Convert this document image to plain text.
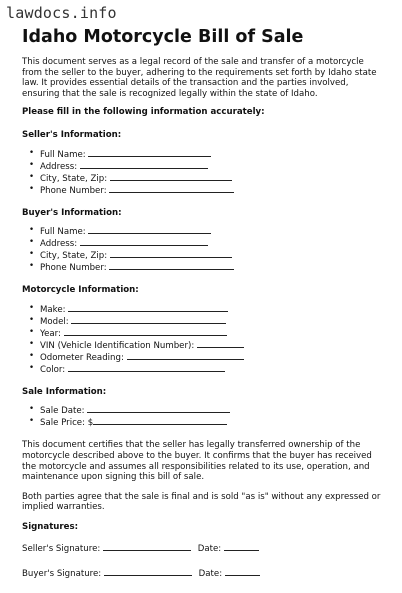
lawdocs.info
Idaho Motorcycle Bill of Sale

This document serves as a legal record of the sale and transfer of a motorcycle from the seller to the buyer, adhering to the requirements set forth by Idaho state law. It provides essential details of the transaction and the parties involved, ensuring that the sale is recognized legally within the state of Idaho.

Please fill in the following information accurately:

Seller's Information:
• Full Name:
• Address:
• City, State, Zip:
• Phone Number:
Buyer's Information:
• Full Name:
• Address:
• City, State, Zip:
• Phone Number:
Motorcycle Information:
• Make:
• Model:
• Year:
• VIN (Vehicle Identification Number):
• Odometer Reading:
• Color:
Sale Information:
• Sale Date:
• Sale Price: $

This document certifies that the seller has legally transferred ownership of the motorcycle described above to the buyer. It confirms that the buyer has received the motorcycle and assumes all responsibilities related to its use, operation, and maintenance upon signing this bill of sale.

Both parties agree that the sale is final and is sold "as is" without any expressed or implied warranties.

Signatures:
Seller's Signature:	Date:
Buyer's Signature:	Date:
